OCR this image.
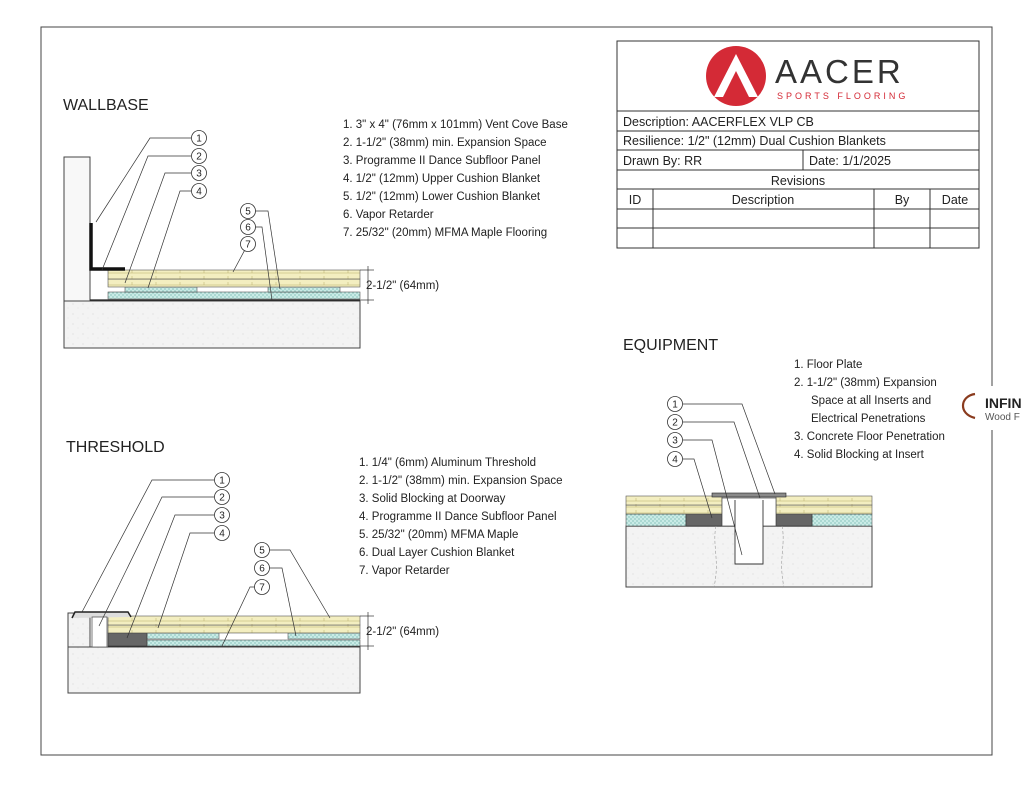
AACER
SPORTS FLOORING
Description: AACERFLEX VLP CB
Resilience: 1/2" (12mm) Dual Cushion Blankets
Drawn By: RR	Date: 1/1/2025
Revisions
ID	Description	By	Date
WALLBASE
2-1/2" (64mm)
1
2
3
4
5
6
7
1. 3" x 4" (76mm x 101mm) Vent Cove Base
2. 1-1/2" (38mm) min. Expansion Space
3. Programme II Dance Subfloor Panel
4. 1/2" (12mm) Upper Cushion Blanket
5. 1/2" (12mm) Lower Cushion Blanket
6. Vapor Retarder
7. 25/32" (20mm) MFMA Maple Flooring
THRESHOLD
2-1/2" (64mm)
1
2
3
4
5
6
7
1. 1/4" (6mm) Aluminum Threshold
2. 1-1/2" (38mm) min. Expansion Space
3. Solid Blocking at Doorway
4. Programme II Dance Subfloor Panel
5. 25/32" (20mm) MFMA Maple
6. Dual Layer Cushion Blanket
7. Vapor Retarder
EQUIPMENT
1
2
3
4
1. Floor Plate
2. 1-1/2" (38mm) Expansion
Space at all Inserts and
Electrical Penetrations
3. Concrete Floor Penetration
4. Solid Blocking at Insert
INFIN
Wood F
